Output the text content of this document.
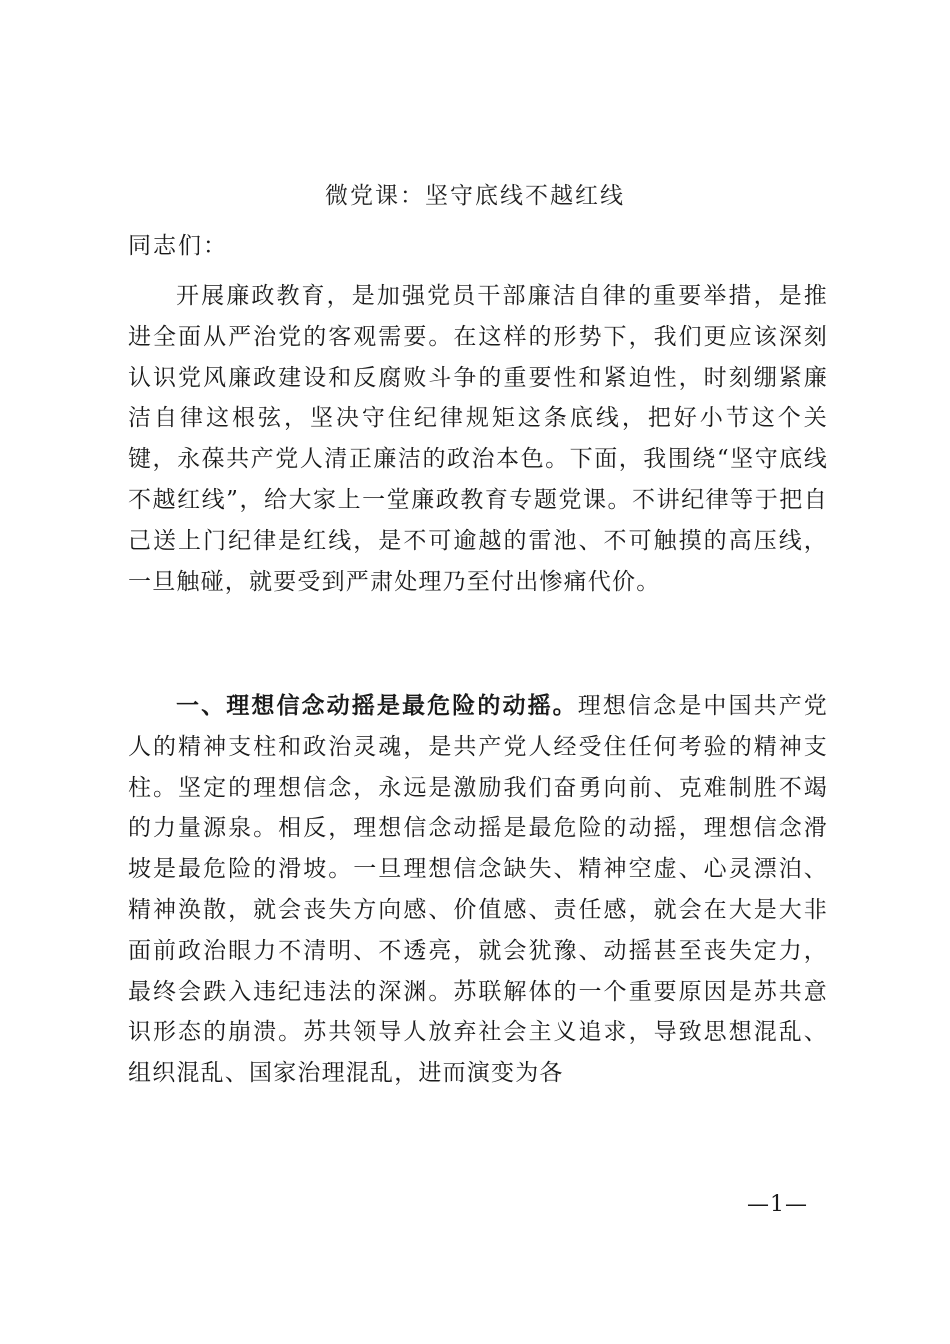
微党课：坚守底线不越红线
同志们：

开展廉政教育，是加强党员干部廉洁自律的重要举措，是推进全面从严治党的客观需要。在这样的形势下，我们更应该深刻认识党风廉政建设和反腐败斗争的重要性和紧迫性，时刻绷紧廉洁自律这根弦，坚决守住纪律规矩这条底线，把好小节这个关键，永葆共产党人清正廉洁的政治本色。下面，我围绕“坚守底线不越红线”，给大家上一堂廉政教育专题党课。不讲纪律等于把自己送上门纪律是红线，是不可逾越的雷池、不可触摸的高压线，一旦触碰，就要受到严肃处理乃至付出惨痛代价。

一、理想信念动摇是最危险的动摇。理想信念是中国共产党人的精神支柱和政治灵魂，是共产党人经受住任何考验的精神支柱。坚定的理想信念，永远是激励我们奋勇向前、克难制胜不竭的力量源泉。相反，理想信念动摇是最危险的动摇，理想信念滑坡是最危险的滑坡。一旦理想信念缺失、精神空虚、心灵漂泊、精神涣散，就会丧失方向感、价值感、责任感，就会在大是大非面前政治眼力不清明、不透亮，就会犹豫、动摇甚至丧失定力，最终会跌入违纪违法的深渊。苏联解体的一个重要原因是苏共意识形态的崩溃。苏共领导人放弃社会主义追求，导致思想混乱、组织混乱、国家治理混乱，进而演变为各

—1—
